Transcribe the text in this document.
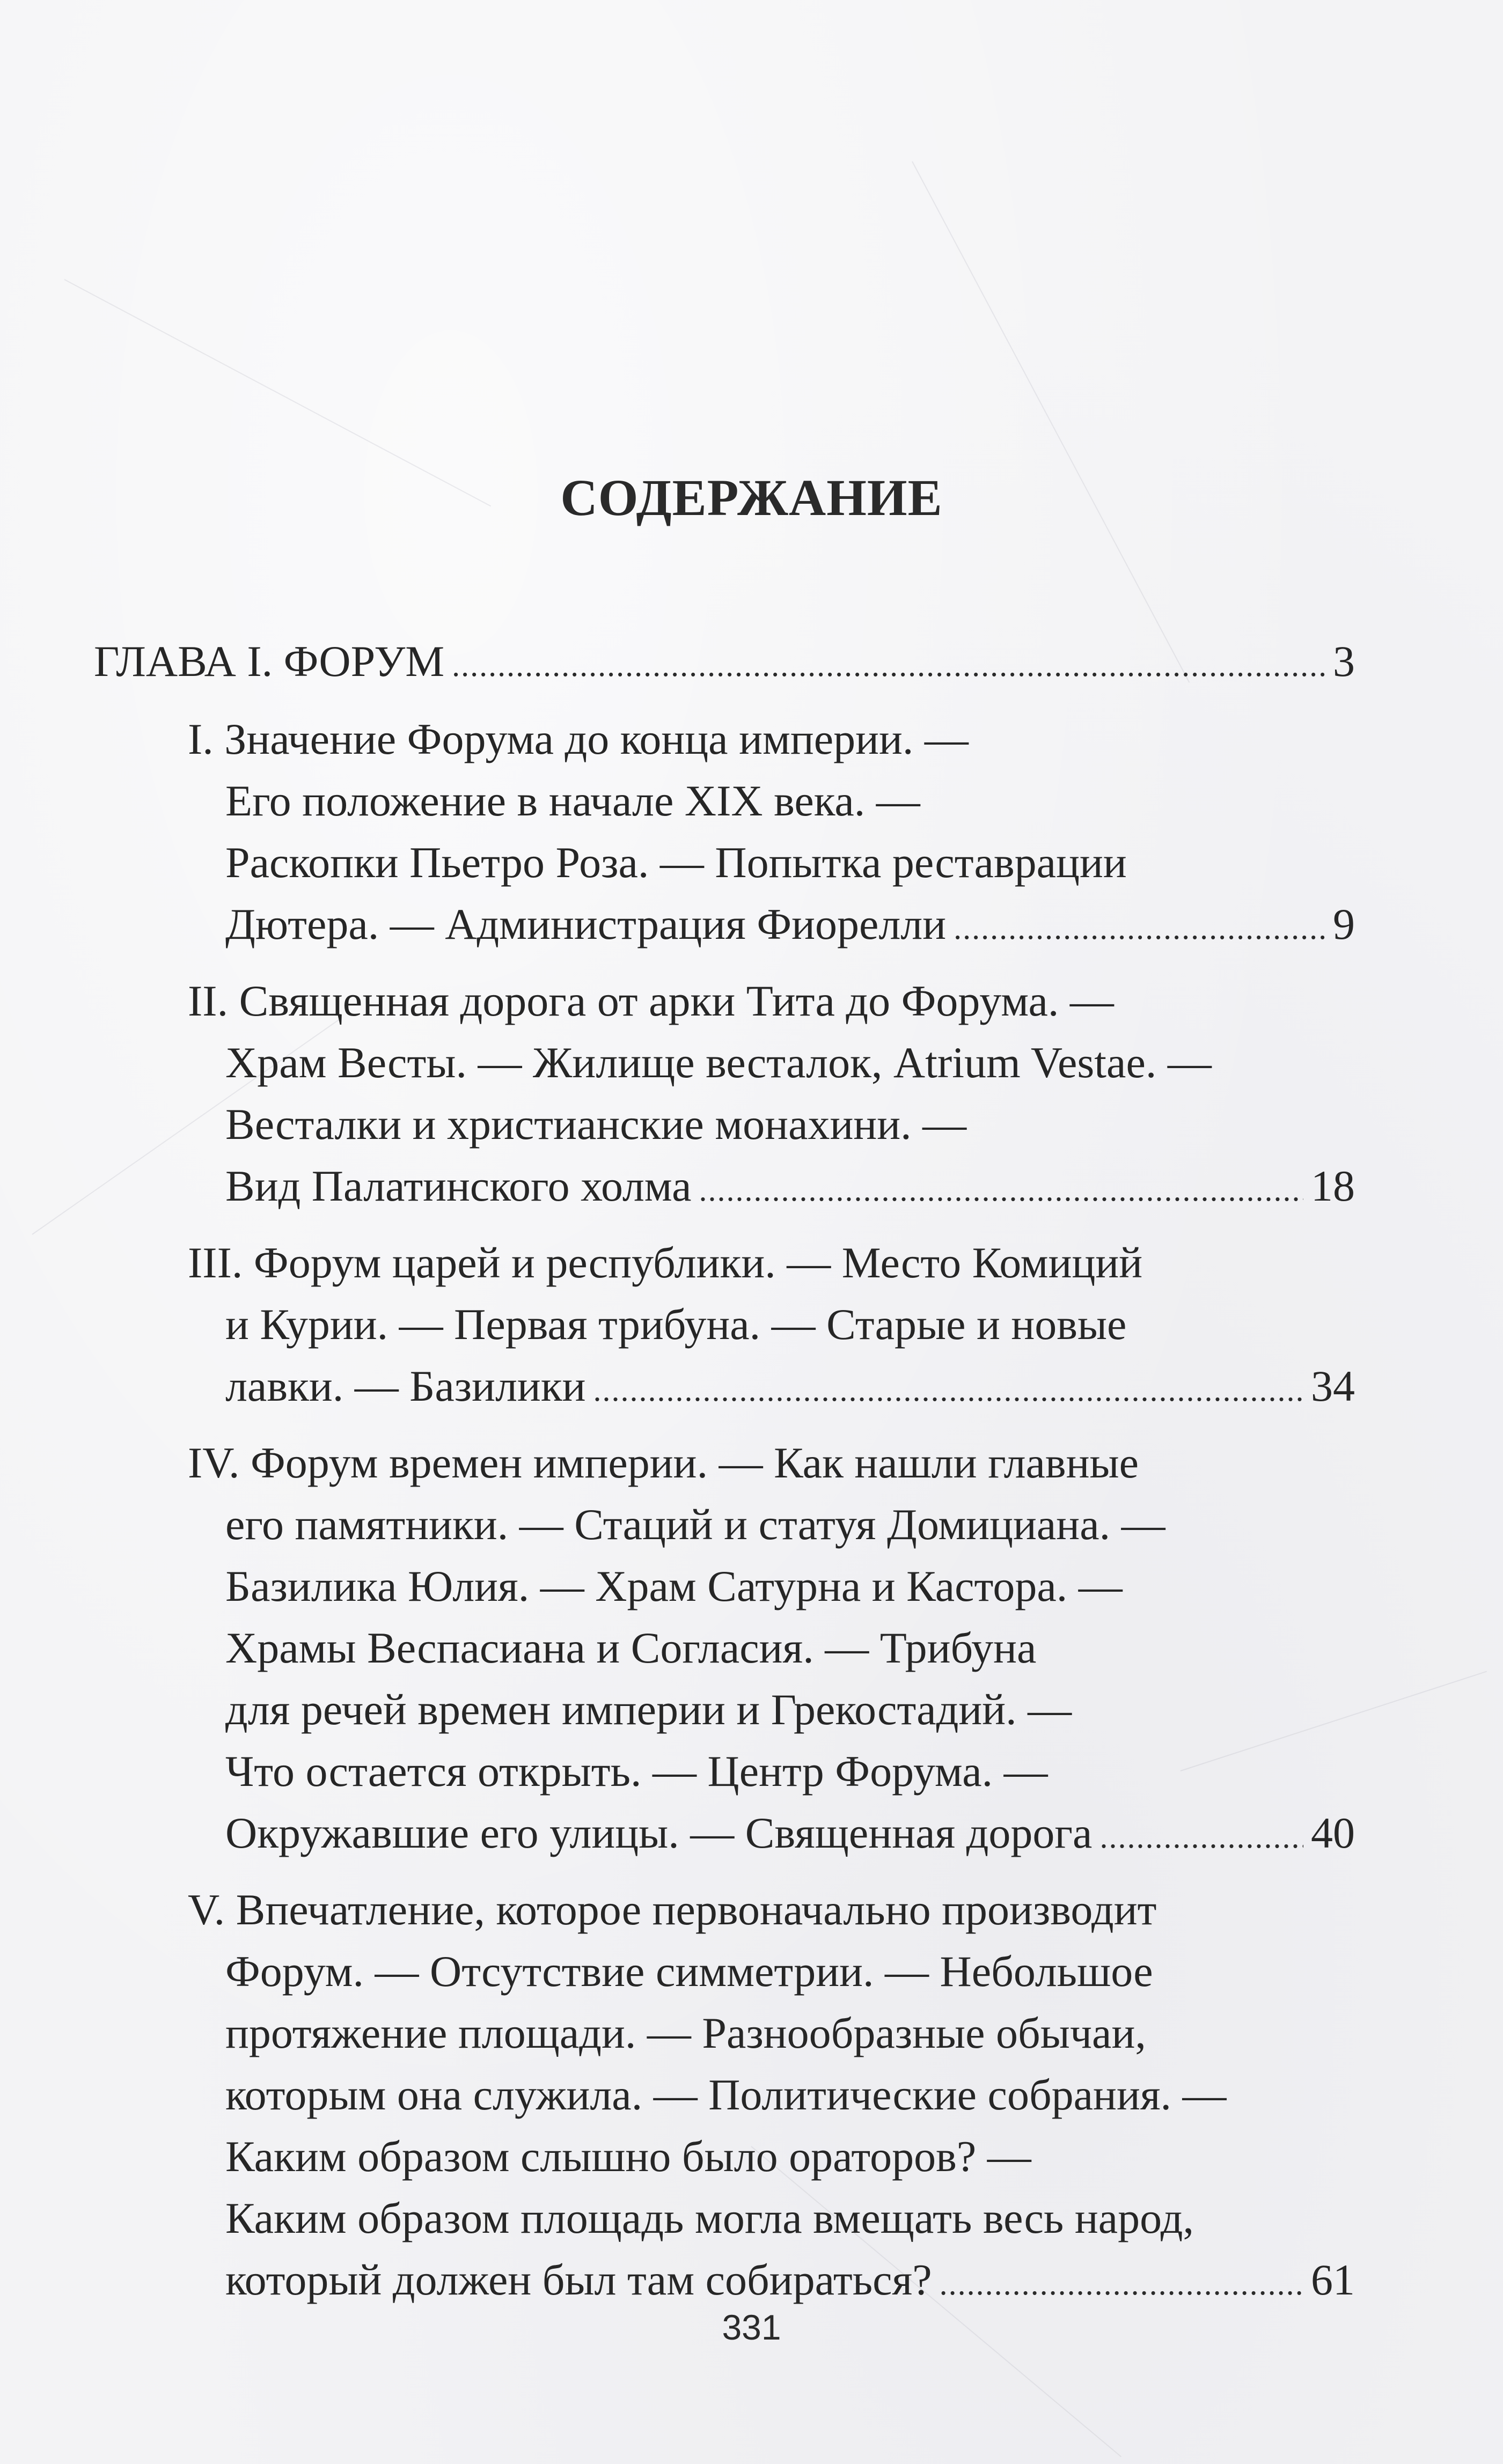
СОДЕРЖАНИЕ
ГЛАВА I. ФОРУМ .....	3
I. Значение Форума до конца империи. —
Его положение в начале XIX века. —
Раскопки Пьетро Роза. — Попытка реставрации
Дютера. — Администрация Фиорелли .....	9
II. Священная дорога от арки Тита до Форума. —
Храм Весты. — Жилище весталок, Atrium Vestae. —
Весталки и христианские монахини. —
Вид Палатинского холма .....	18
III. Форум царей и республики. — Место Комиций
и Курии. — Первая трибуна. — Старые и новые
лавки. — Базилики .....	34
IV. Форум времен империи. — Как нашли главные
его памятники. — Стаций и статуя Домициана. —
Базилика Юлия. — Храм Сатурна и Кастора. —
Храмы Веспасиана и Согласия. — Трибуна
для речей времен империи и Грекостадий. —
Что остается открыть. — Центр Форума. —
Окружавшие его улицы. — Священная дорога .....	40
V. Впечатление, которое первоначально производит
Форум. — Отсутствие симметрии. — Небольшое
протяжение площади. — Разнообразные обычаи,
которым она служила. — Политические собрания. —
Каким образом слышно было ораторов? —
Каким образом площадь могла вмещать весь народ,
который должен был там собираться? .....	61
331
